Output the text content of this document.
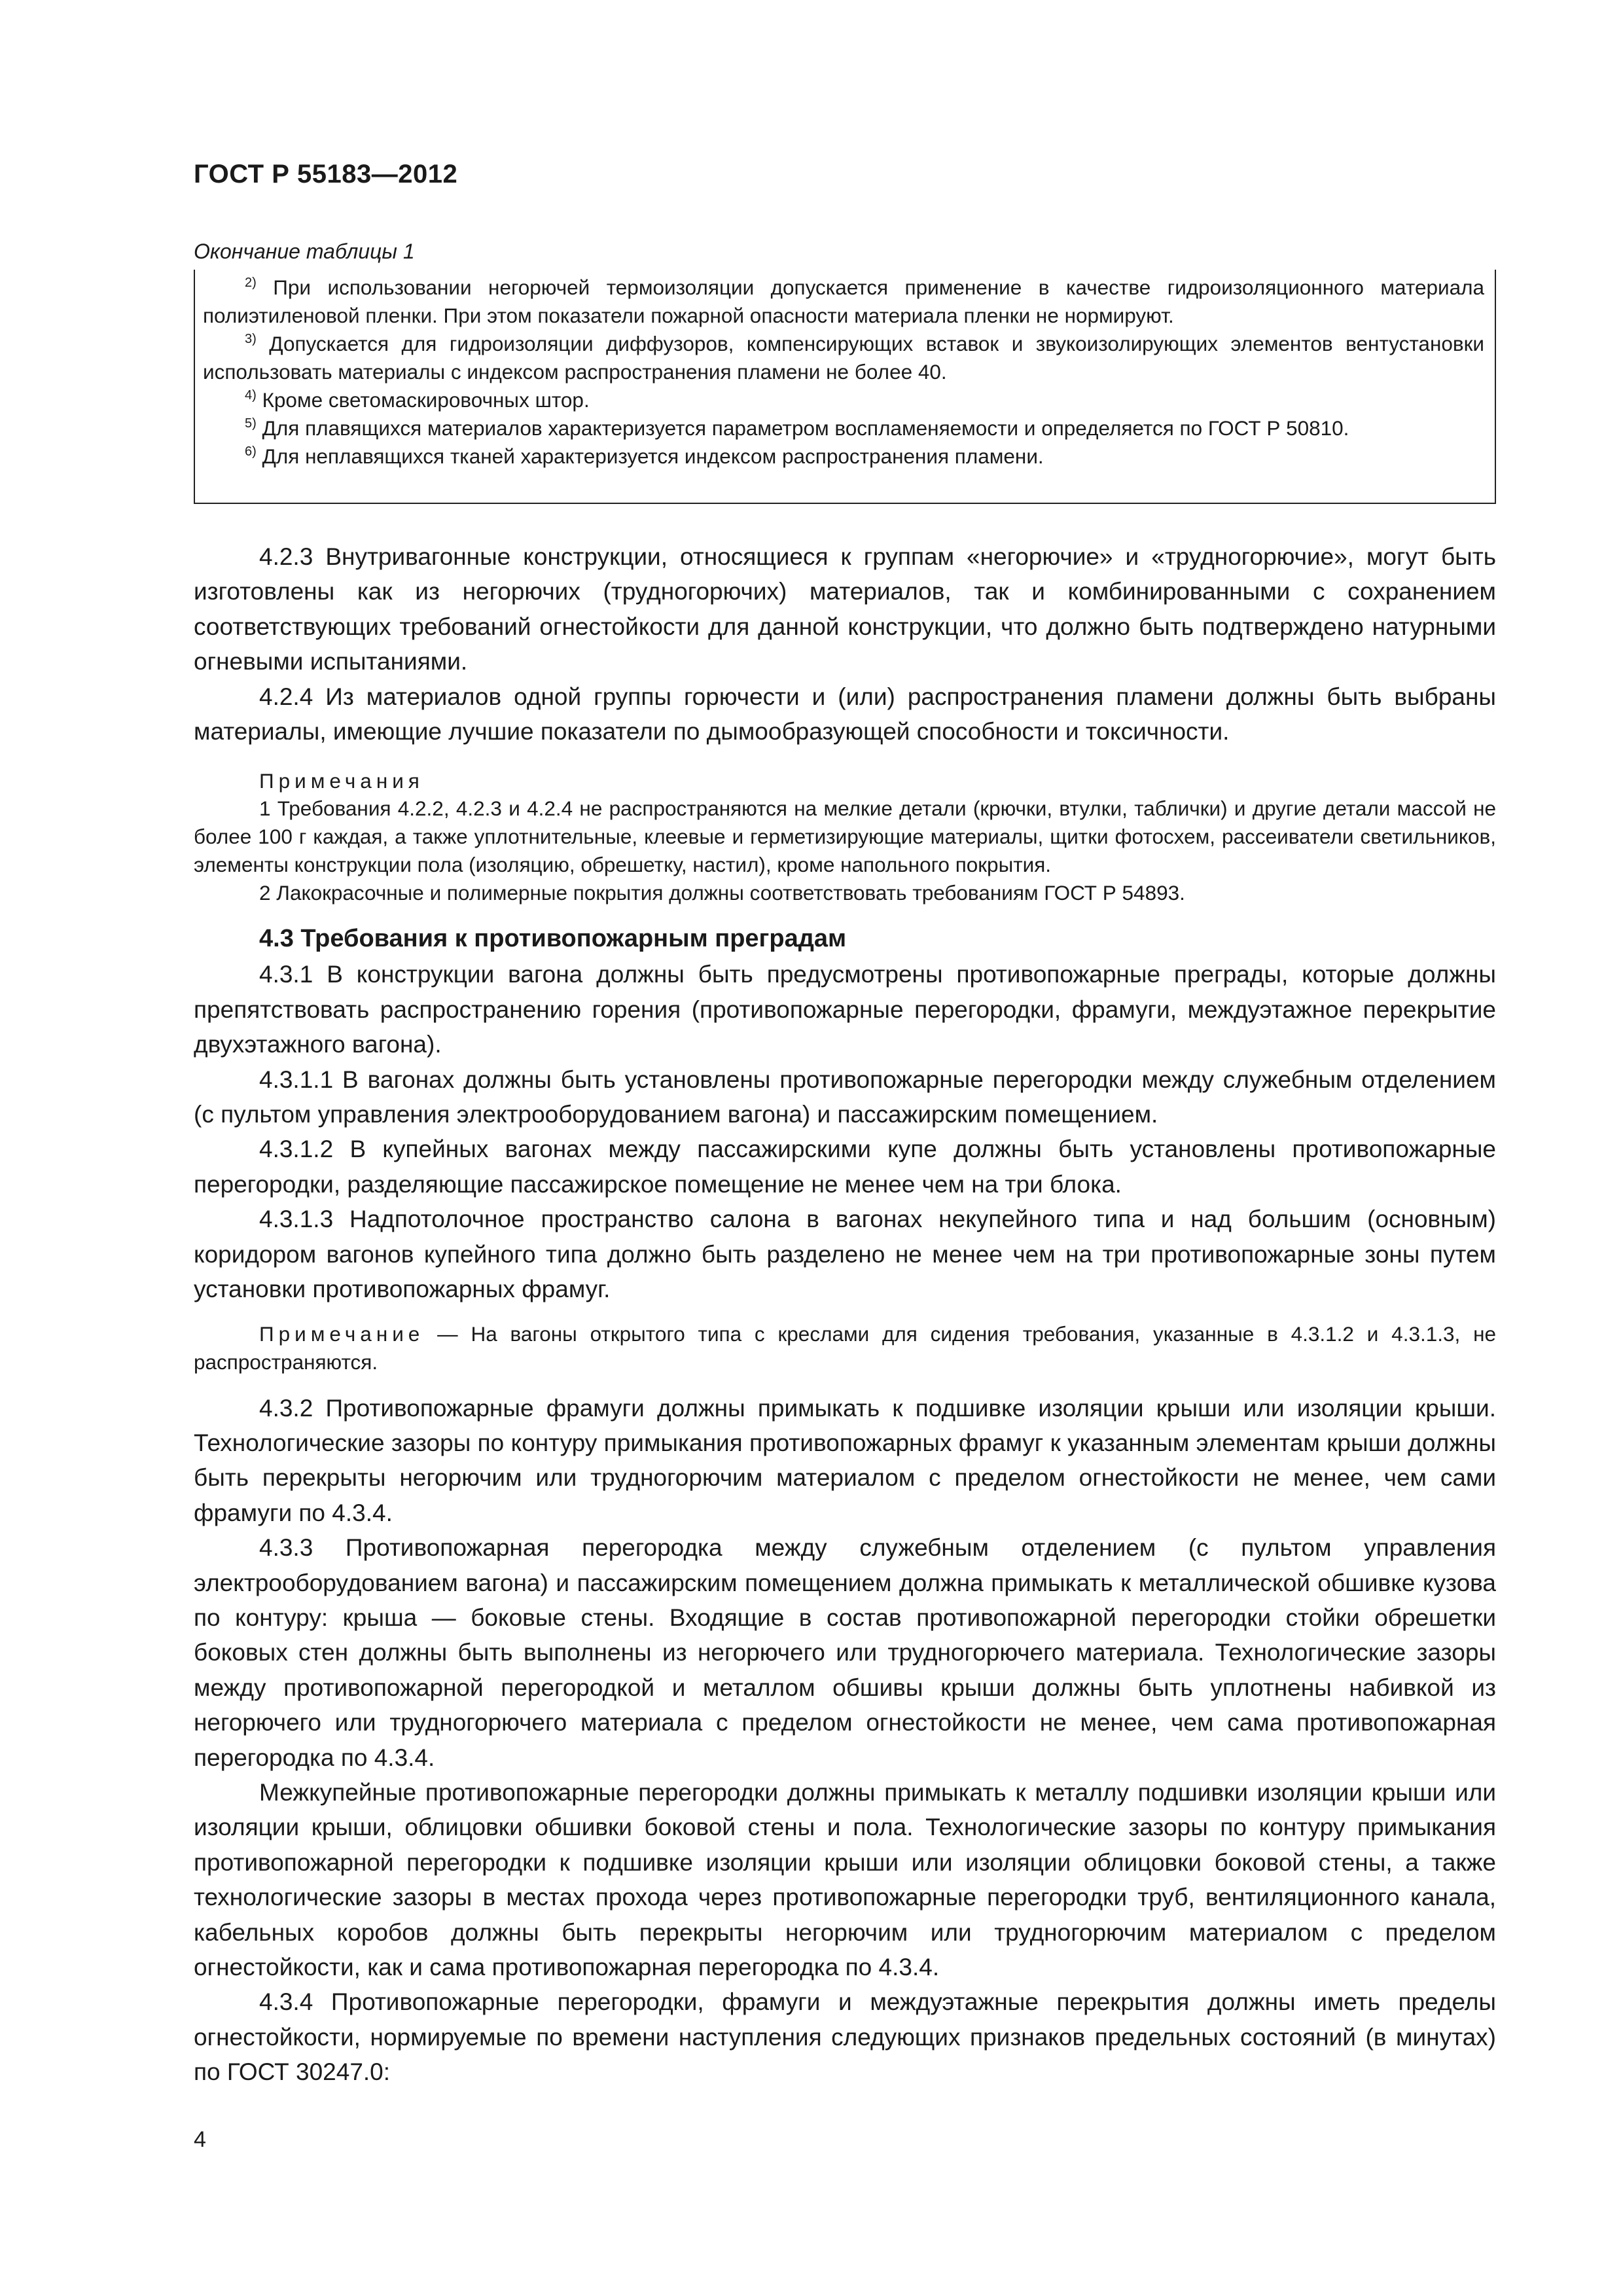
ГОСТ Р 55183—2012

Окончание таблицы 1

$^{2)}$ При использовании негорючей термоизоляции допускается применение в качестве гидроизоляционного материала полиэтиленовой пленки. При этом показатели пожарной опасности материала пленки не нормируют.

$^{3)}$ Допускается для гидроизоляции диффузоров, компенсирующих вставок и звукоизолирующих элементов вентустановки использовать материалы с индексом распространения пламени не более 40.

$^{4)}$ Кроме светомаскировочных штор.

$^{5)}$ Для плавящихся материалов характеризуется параметром воспламеняемости и определяется по ГОСТ Р 50810.

$^{6)}$ Для неплавящихся тканей характеризуется индексом распространения пламени.

4.2.3 Внутривагонные конструкции, относящиеся к группам «негорючие» и «трудногорючие», могут быть изготовлены как из негорючих (трудногорючих) материалов, так и комбинированными с сохранением соответствующих требований огнестойкости для данной конструкции, что должно быть подтверждено натурными огневыми испытаниями.

4.2.4 Из материалов одной группы горючести и (или) распространения пламени должны быть выбраны материалы, имеющие лучшие показатели по дымообразующей способности и токсичности.

Примечания

1 Требования 4.2.2, 4.2.3 и 4.2.4 не распространяются на мелкие детали (крючки, втулки, таблички) и другие детали массой не более 100 г каждая, а также уплотнительные, клеевые и герметизирующие материалы, щитки фотосхем, рассеиватели светильников, элементы конструкции пола (изоляцию, обрешетку, настил), кроме напольного покрытия.

2 Лакокрасочные и полимерные покрытия должны соответствовать требованиям ГОСТ Р 54893.

4.3 Требования к противопожарным преградам

4.3.1 В конструкции вагона должны быть предусмотрены противопожарные преграды, которые должны препятствовать распространению горения (противопожарные перегородки, фрамуги, междуэтажное перекрытие двухэтажного вагона).

4.3.1.1 В вагонах должны быть установлены противопожарные перегородки между служебным отделением (с пультом управления электрооборудованием вагона) и пассажирским помещением.

4.3.1.2 В купейных вагонах между пассажирскими купе должны быть установлены противопожарные перегородки, разделяющие пассажирское помещение не менее чем на три блока.

4.3.1.3 Надпотолочное пространство салона в вагонах некупейного типа и над большим (основным) коридором вагонов купейного типа должно быть разделено не менее чем на три противопожарные зоны путем установки противопожарных фрамуг.

Примечание — На вагоны открытого типа с креслами для сидения требования, указанные в 4.3.1.2 и 4.3.1.3, не распространяются.

4.3.2 Противопожарные фрамуги должны примыкать к подшивке изоляции крыши или изоляции крыши. Технологические зазоры по контуру примыкания противопожарных фрамуг к указанным элементам крыши должны быть перекрыты негорючим или трудногорючим материалом с пределом огнестойкости не менее, чем сами фрамуги по 4.3.4.

4.3.3 Противопожарная перегородка между служебным отделением (с пультом управления электрооборудованием вагона) и пассажирским помещением должна примыкать к металлической обшивке кузова по контуру: крыша — боковые стены. Входящие в состав противопожарной перегородки стойки обрешетки боковых стен должны быть выполнены из негорючего или трудногорючего материала. Технологические зазоры между противопожарной перегородкой и металлом обшивы крыши должны быть уплотнены набивкой из негорючего или трудногорючего материала с пределом огнестойкости не менее, чем сама противопожарная перегородка по 4.3.4.

Межкупейные противопожарные перегородки должны примыкать к металлу подшивки изоляции крыши или изоляции крыши, облицовки обшивки боковой стены и пола. Технологические зазоры по контуру примыкания противопожарной перегородки к подшивке изоляции крыши или изоляции облицовки боковой стены, а также технологические зазоры в местах прохода через противопожарные перегородки труб, вентиляционного канала, кабельных коробов должны быть перекрыты негорючим или трудногорючим материалом с пределом огнестойкости, как и сама противопожарная перегородка по 4.3.4.

4.3.4 Противопожарные перегородки, фрамуги и междуэтажные перекрытия должны иметь пределы огнестойкости, нормируемые по времени наступления следующих признаков предельных состояний (в минутах) по ГОСТ 30247.0:

4
